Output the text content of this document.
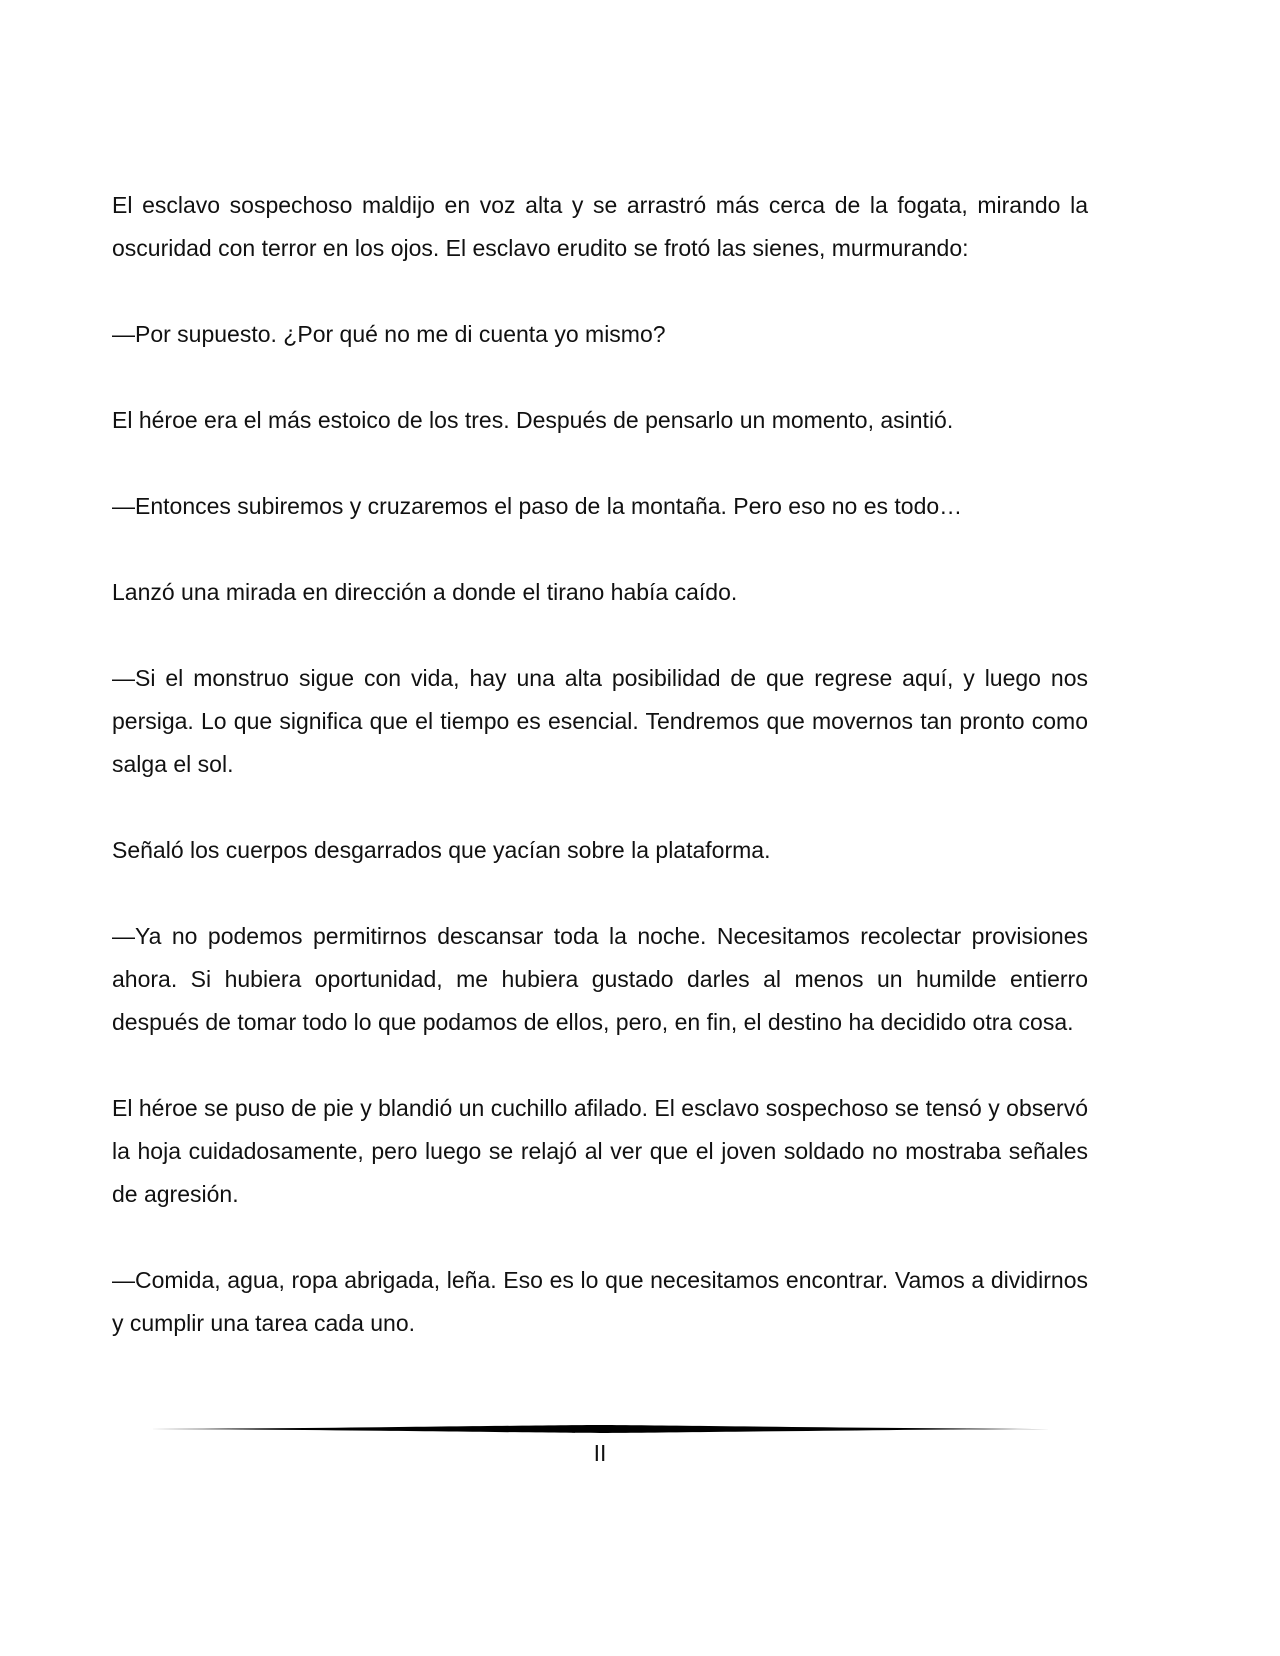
El esclavo sospechoso maldijo en voz alta y se arrastró más cerca de la fogata, mirando la oscuridad con terror en los ojos. El esclavo erudito se frotó las sienes, murmurando:

—Por supuesto. ¿Por qué no me di cuenta yo mismo?

El héroe era el más estoico de los tres. Después de pensarlo un momento, asintió.

—Entonces subiremos y cruzaremos el paso de la montaña. Pero eso no es todo…

Lanzó una mirada en dirección a donde el tirano había caído.

—Si el monstruo sigue con vida, hay una alta posibilidad de que regrese aquí, y luego nos persiga. Lo que significa que el tiempo es esencial. Tendremos que movernos tan pronto como salga el sol.

Señaló los cuerpos desgarrados que yacían sobre la plataforma.

—Ya no podemos permitirnos descansar toda la noche. Necesitamos recolectar provisiones ahora. Si hubiera oportunidad, me hubiera gustado darles al menos un humilde entierro después de tomar todo lo que podamos de ellos, pero, en fin, el destino ha decidido otra cosa.

El héroe se puso de pie y blandió un cuchillo afilado. El esclavo sospechoso se tensó y observó la hoja cuidadosamente, pero luego se relajó al ver que el joven soldado no mostraba señales de agresión.

—Comida, agua, ropa abrigada, leña. Eso es lo que necesitamos encontrar. Vamos a dividirnos y cumplir una tarea cada uno.

II
